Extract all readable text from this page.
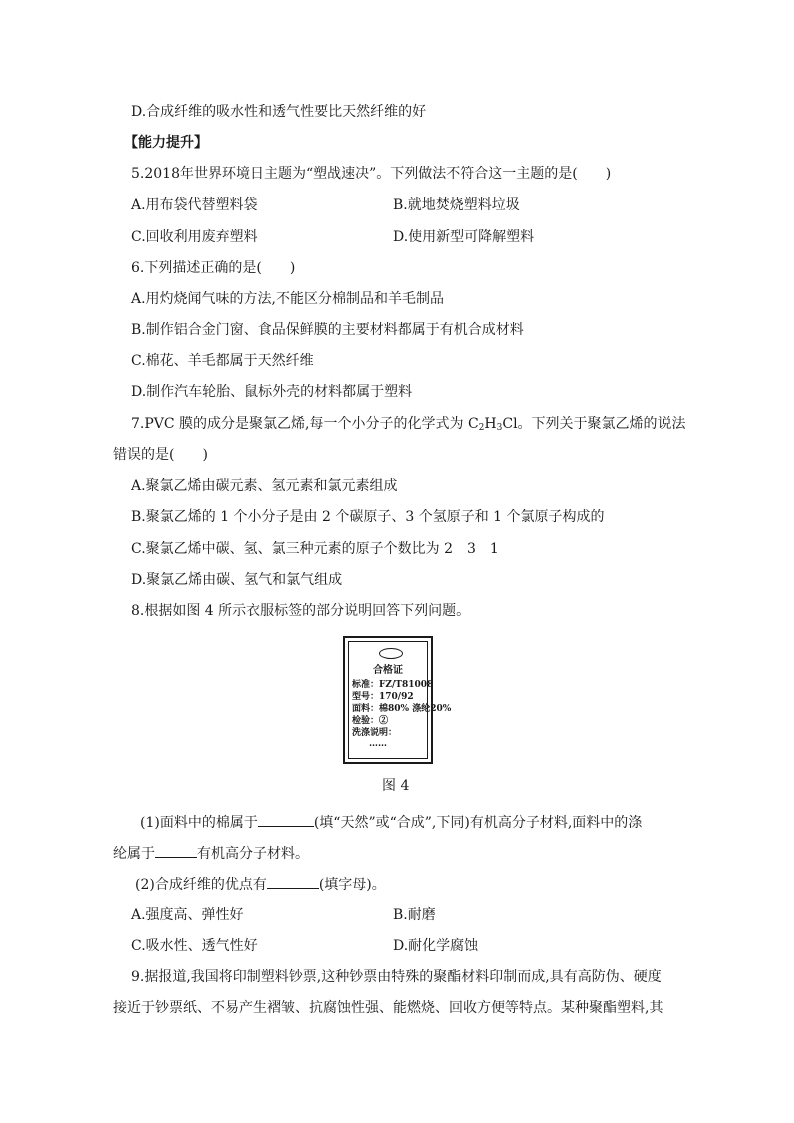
D.合成纤维的吸水性和透气性要比天然纤维的好
【能力提升】
5.2018年世界环境日主题为“塑战速决”。下列做法不符合这一主题的是(　　)
A.用布袋代替塑料袋	B.就地焚烧塑料垃圾
C.回收利用废弃塑料	D.使用新型可降解塑料
6.下列描述正确的是(　　)
A.用灼烧闻气味的方法,不能区分棉制品和羊毛制品
B.制作铝合金门窗、食品保鲜膜的主要材料都属于有机合成材料
C.棉花、羊毛都属于天然纤维
D.制作汽车轮胎、鼠标外壳的材料都属于塑料
7.PVC 膜的成分是聚氯乙烯,每一个小分子的化学式为 $C_2H_3Cl$。下列关于聚氯乙烯的说法
错误的是(　　)
A.聚氯乙烯由碳元素、氢元素和氯元素组成
B.聚氯乙烯的 1 个小分子是由 2 个碳原子、3 个氢原子和 1 个氯原子构成的
C.聚氯乙烯中碳、氢、氯三种元素的原子个数比为 2　3　1
D.聚氯乙烯由碳、氢气和氯气组成
8.根据如图 4 所示衣服标签的部分说明回答下列问题。
合格证
标准：FZ/T81008
型号：170/92
面料：棉80% 涤纶20%
检验：②
洗涤说明：
……
图 4
(1)面料中的棉属于	(填“天然”或“合成”,下同)有机高分子材料,面料中的涤
纶属于	有机高分子材料。
(2)合成纤维的优点有	(填字母)。
A.强度高、弹性好	B.耐磨
C.吸水性、透气性好	D.耐化学腐蚀
9.据报道,我国将印制塑料钞票,这种钞票由特殊的聚酯材料印制而成,具有高防伪、硬度
接近于钞票纸、不易产生褶皱、抗腐蚀性强、能燃烧、回收方便等特点。某种聚酯塑料,其
